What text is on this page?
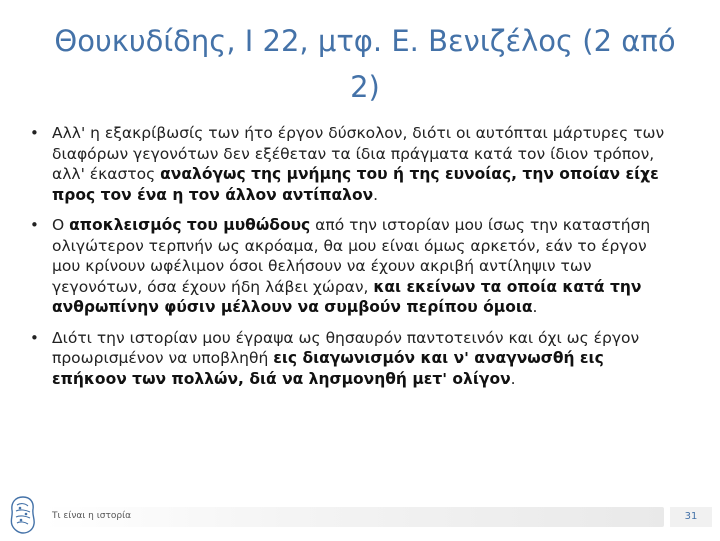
Θουκυδίδης, Ι 22, μτφ. Ε. Βενιζέλος (2 από 2)
• Αλλ' η εξακρίβωσίς των ήτο έργον δύσκολον, διότι οι αυτόπται μάρτυρες των διαφόρων γεγονότων δεν εξέθεταν τα ίδια πράγματα κατά τον ίδιον τρόπον, αλλ' έκαστος αναλόγως της μνήμης του ή της ευνοίας, την οποίαν είχε προς τον ένα η τον άλλον αντίπαλον.
• Ο αποκλεισμός του μυθώδους από την ιστορίαν μου ίσως την καταστήση ολιγώτερον τερπνήν ως ακρόαμα, θα μου είναι όμως αρκετόν, εάν το έργον μου κρίνουν ωφέλιμον όσοι θελήσουν να έχουν ακριβή αντίληψιν των γεγονότων, όσα έχουν ήδη λάβει χώραν, και εκείνων τα οποία κατά την ανθρωπίνην φύσιν μέλλουν να συμβούν περίπου όμοια.
• Διότι την ιστορίαν μου έγραψα ως θησαυρόν παντοτεινόν και όχι ως έργον προωρισμένον να υποβληθή εις διαγωνισμόν και ν' αναγνωσθή εις επήκοον των πολλών, διά να λησμονηθή μετ' ολίγον.
Τι είναι η ιστορία	31
